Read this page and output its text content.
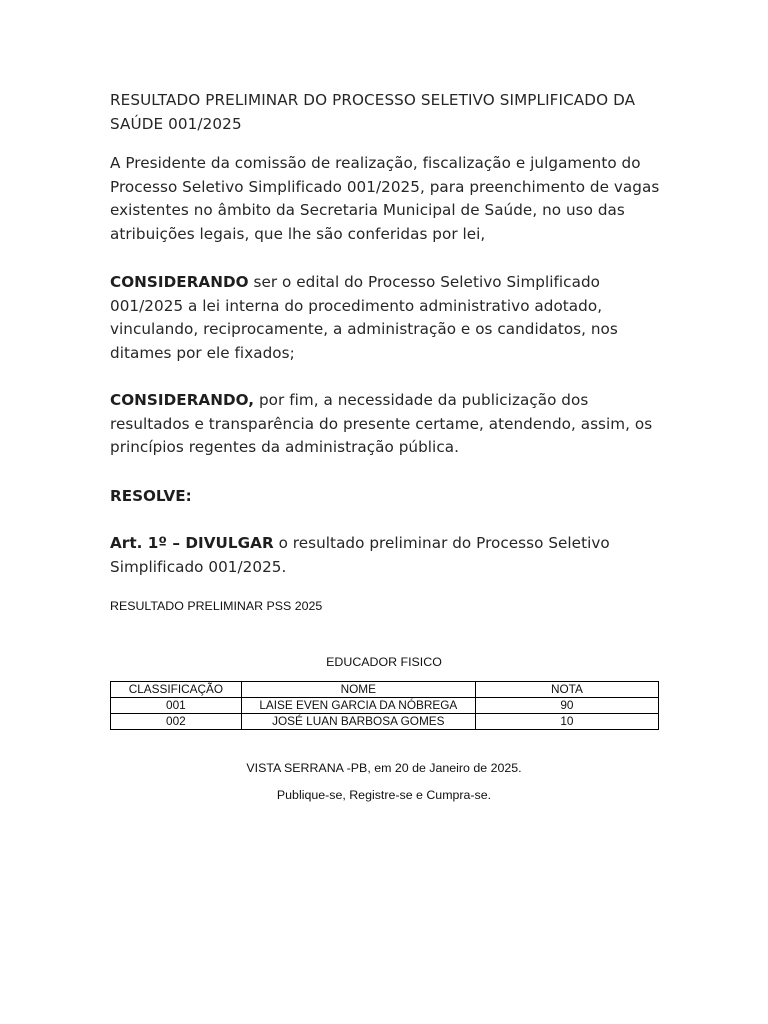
RESULTADO PRELIMINAR DO PROCESSO SELETIVO SIMPLIFICADO DA
SAÚDE 001/2025
A Presidente da comissão de realização, fiscalização e julgamento do Processo Seletivo Simplificado 001/2025, para preenchimento de vagas existentes no âmbito da Secretaria Municipal de Saúde, no uso das atribuições legais, que lhe são conferidas por lei,
CONSIDERANDO ser o edital do Processo Seletivo Simplificado 001/2025 a lei interna do procedimento administrativo adotado, vinculando, reciprocamente, a administração e os candidatos, nos ditames por ele fixados;
CONSIDERANDO, por fim, a necessidade da publicização dos resultados e transparência do presente certame, atendendo, assim, os princípios regentes da administração pública.
RESOLVE:
Art. 1º – DIVULGAR o resultado preliminar do Processo Seletivo Simplificado 001/2025.
RESULTADO PRELIMINAR PSS 2025
EDUCADOR FISICO
CLASSIFICAÇÃO	NOME	NOTA
001	LAISE EVEN GARCIA DA NÓBREGA	90
002	JOSÉ LUAN BARBOSA GOMES	10
VISTA SERRANA -PB, em 20 de Janeiro de 2025.
Publique-se, Registre-se e Cumpra-se.
